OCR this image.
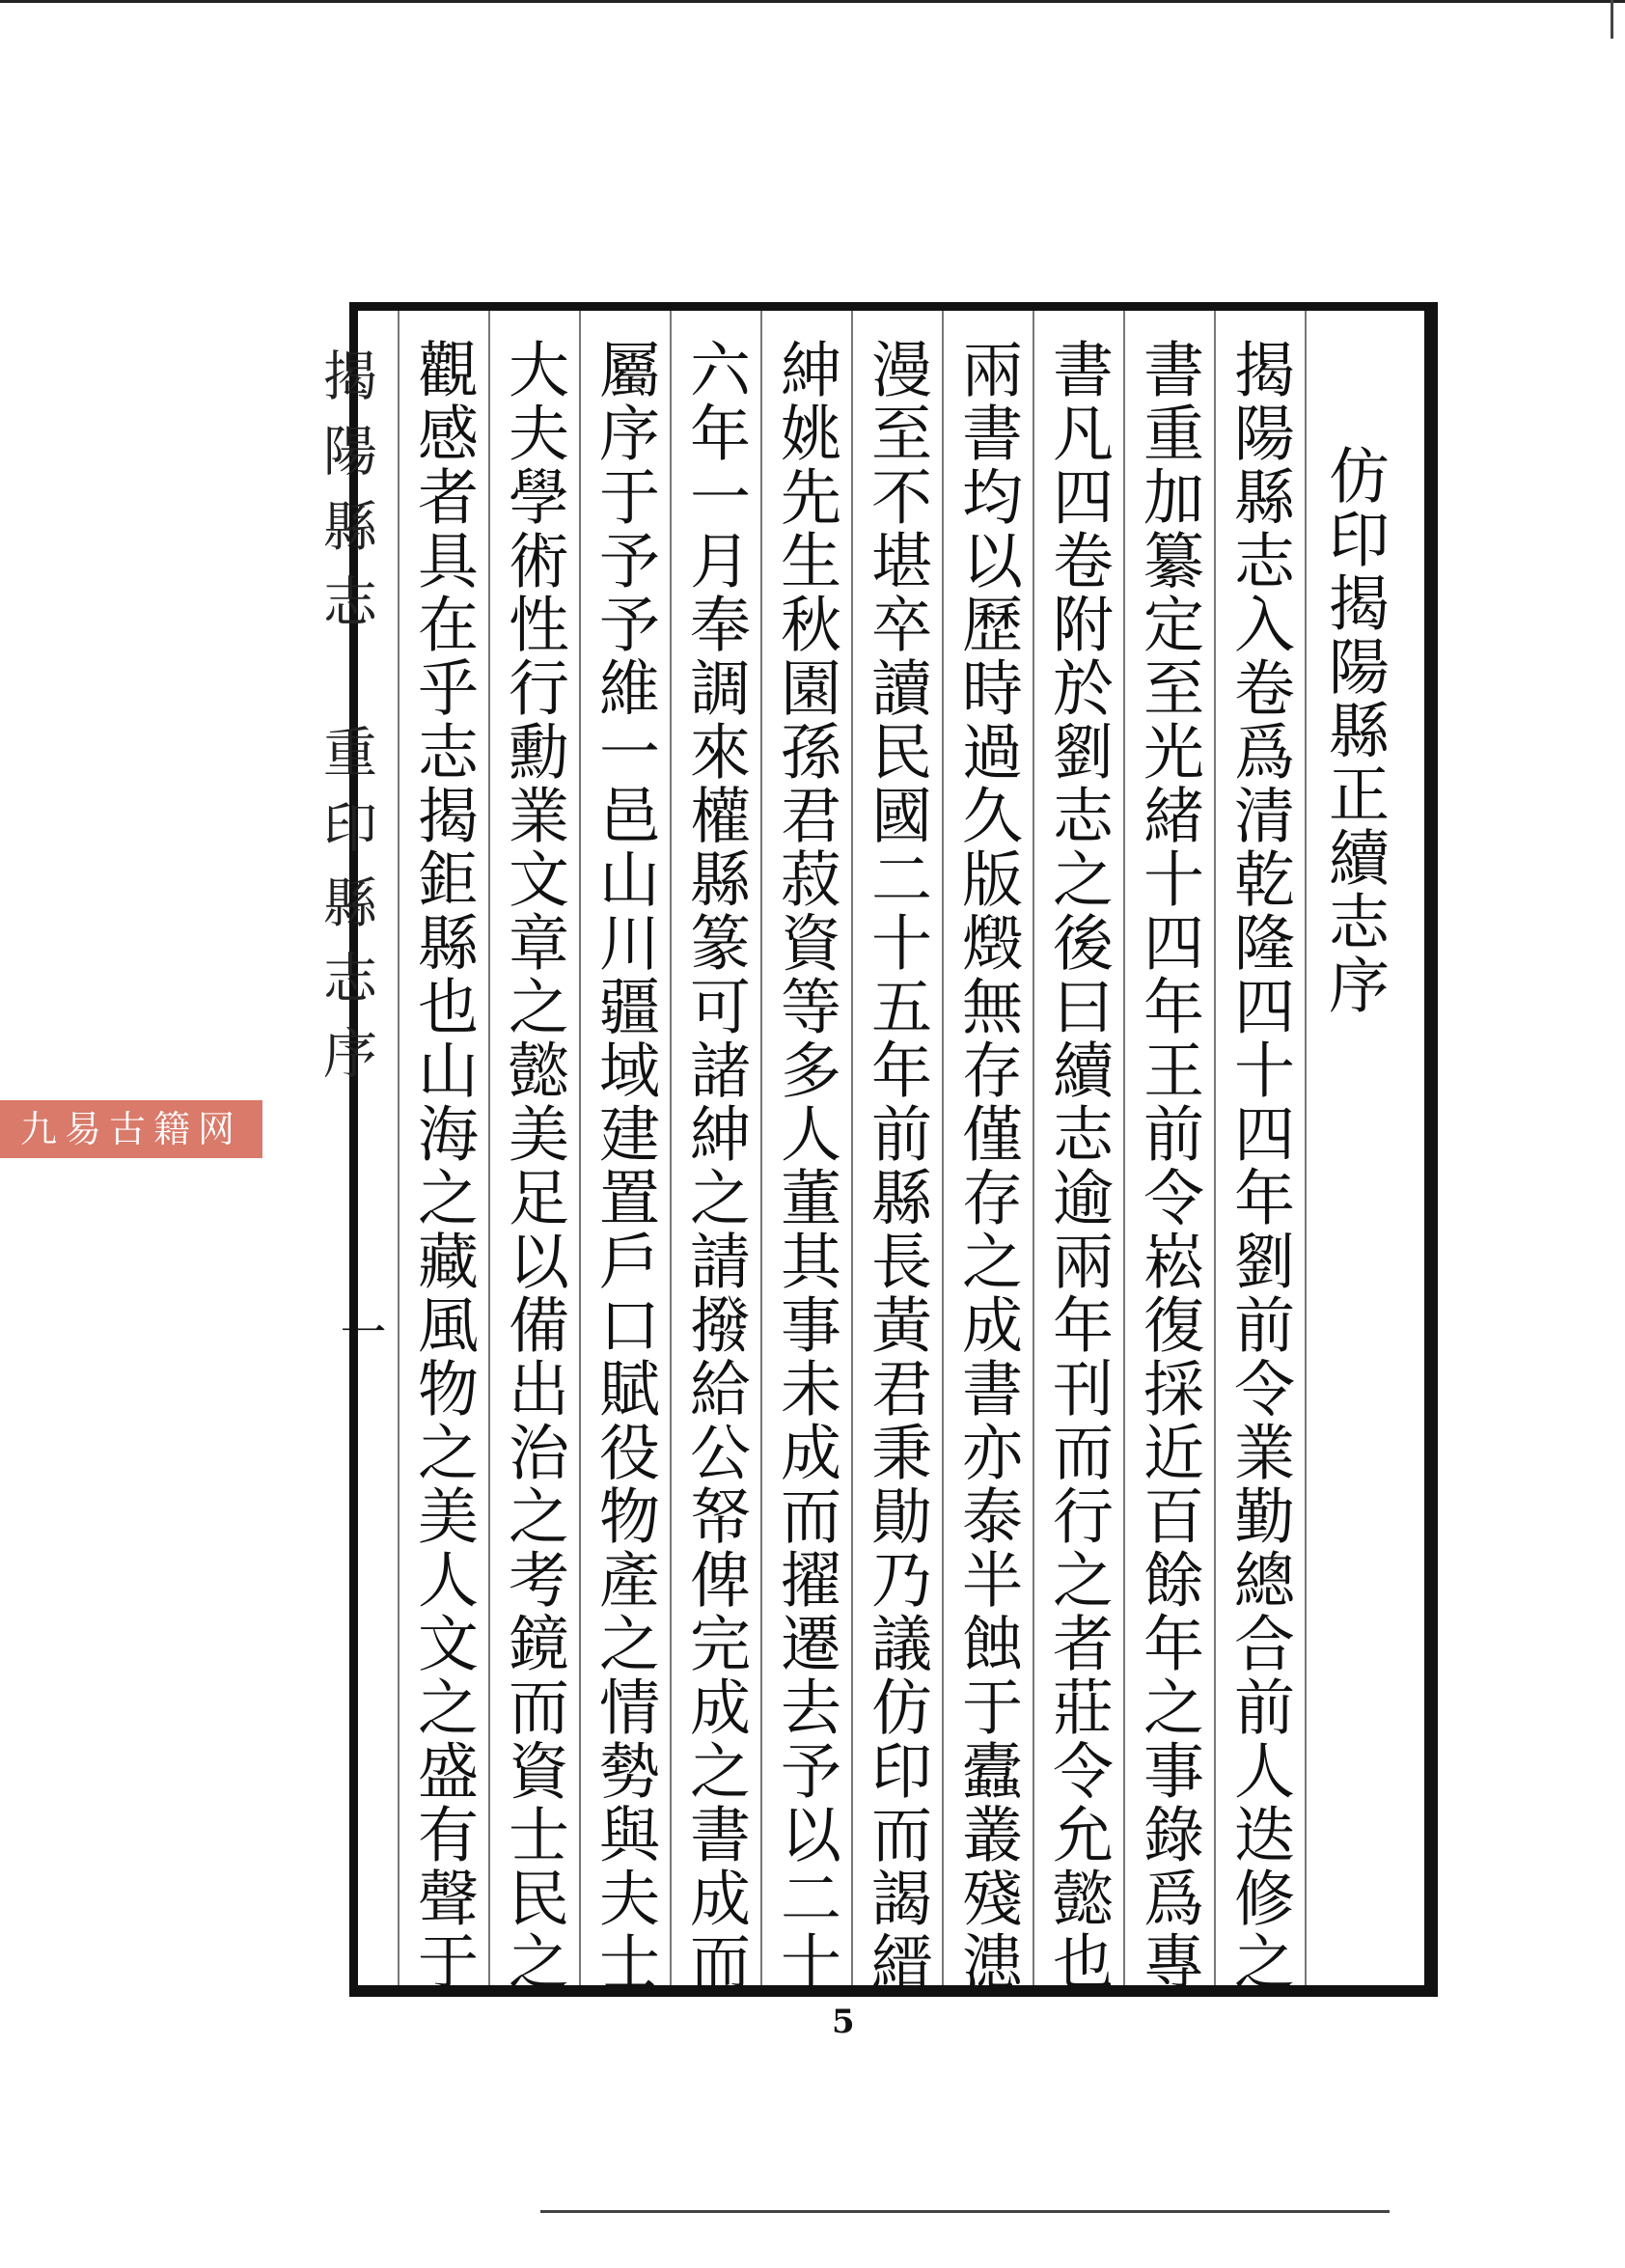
仿印揭陽縣正續志序
揭陽縣志入卷爲清乾隆四十四年劉前令業勤總合前人迭修之
書重加纂定至光緒十四年王前令崧復採近百餘年之事錄爲專
書凡四卷附於劉志之後曰續志逾兩年刊而行之者莊令允懿也
兩書均以歷時過久版燬無存僅存之成書亦泰半蝕于蠹叢殘漶
漫至不堪卒讀民國二十五年前縣長黃君秉勛乃議仿印而謁縉
紳姚先生秋園孫君菽資等多人董其事未成而擢遷去予以二十
六年一月奉調來權縣篆可諸紳之請撥給公帑俾完成之書成而
屬序于予予維一邑山川疆域建置戶口賦役物產之情勢與夫士
大夫學術性行勳業文章之懿美足以備出治之考鏡而資士民之
觀感者具在乎志揭鉅縣也山海之藏風物之美人文之盛有聲于
揭陽縣志　重印縣志序
一
5
九易古籍网
